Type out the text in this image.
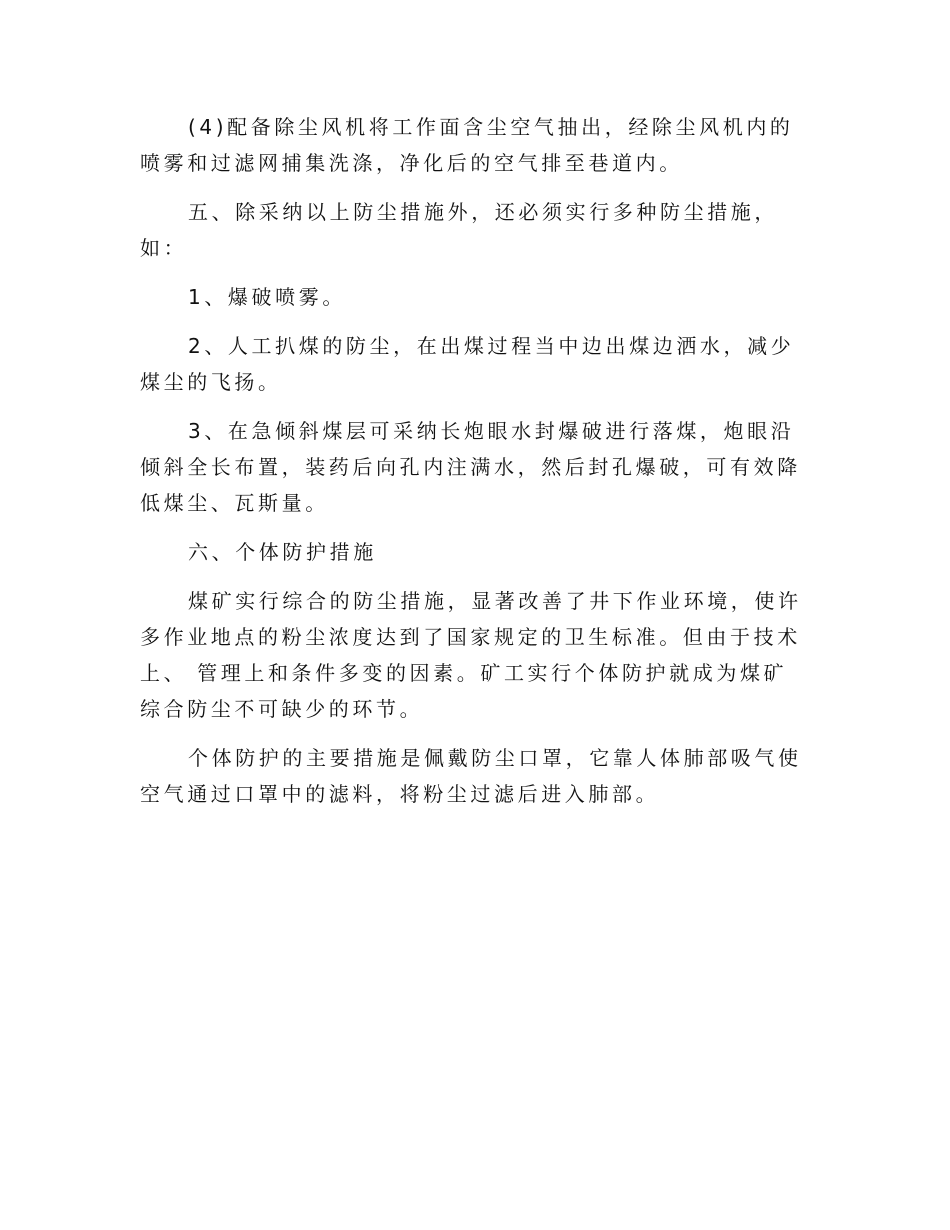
(4)配备除尘风机将工作面含尘空气抽出，经除尘风机内的喷雾和过滤网捕集洗涤，净化后的空气排至巷道内。

五、除采纳以上防尘措施外，还必须实行多种防尘措施，如：

1、爆破喷雾。

2、人工扒煤的防尘，在出煤过程当中边出煤边洒水，减少煤尘的飞扬。

3、在急倾斜煤层可采纳长炮眼水封爆破进行落煤，炮眼沿倾斜全长布置，装药后向孔内注满水，然后封孔爆破，可有效降低煤尘、瓦斯量。

六、个体防护措施

煤矿实行综合的防尘措施，显著改善了井下作业环境，使许多作业地点的粉尘浓度达到了国家规定的卫生标准。但由于技术上、 管理上和条件多变的因素。矿工实行个体防护就成为煤矿综合防尘不可缺少的环节。

个体防护的主要措施是佩戴防尘口罩，它靠人体肺部吸气使空气通过口罩中的滤料，将粉尘过滤后进入肺部。
